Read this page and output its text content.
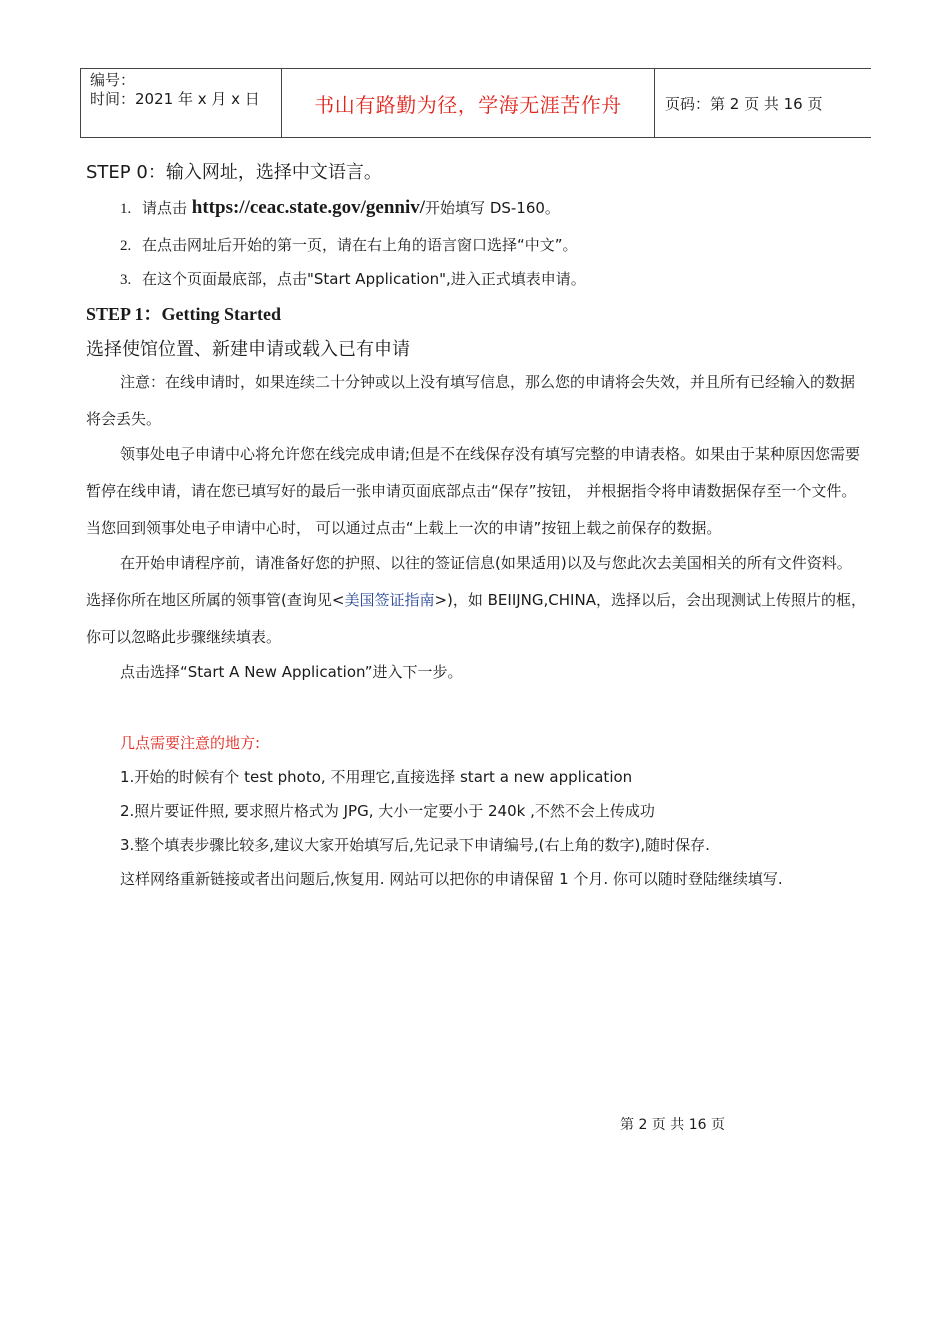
编号：
时间：2021 年 x 月 x 日	书山有路勤为径，学海无涯苦作舟	页码：第 2 页 共 16 页
STEP 0：输入网址，选择中文语言。
1. 请点击 https://ceac.state.gov/genniv/开始填写 DS-160。
2. 在点击网址后开始的第一页，请在右上角的语言窗口选择“中文”。
3. 在这个页面最底部，点击"Start Application",进入正式填表申请。
STEP 1：Getting Started
选择使馆位置、新建申请或载入已有申请
注意：在线申请时，如果连续二十分钟或以上没有填写信息，那么您的申请将会失效，并且所有已经输入的数据将会丢失。
领事处电子申请中心将允许您在线完成申请;但是不在线保存没有填写完整的申请表格。如果由于某种原因您需要暂停在线申请，请在您已填写好的最后一张申请页面底部点击“保存”按钮， 并根据指令将申请数据保存至一个文件。当您回到领事处电子申请中心时， 可以通过点击“上载上一次的申请”按钮上载之前保存的数据。
在开始申请程序前，请准备好您的护照、以往的签证信息(如果适用)以及与您此次去美国相关的所有文件资料。选择你所在地区所属的领事管(查询见<美国签证指南>)，如 BEIIJNG,CHINA，选择以后，会出现测试上传照片的框，你可以忽略此步骤继续填表。
点击选择“Start A New Application”进入下一步。
几点需要注意的地方:
1.开始的时候有个 test photo, 不用理它,直接选择 start a new application
2.照片要证件照, 要求照片格式为 JPG, 大小一定要小于 240k ,不然不会上传成功
3.整个填表步骤比较多,建议大家开始填写后,先记录下申请编号,(右上角的数字),随时保存.
这样网络重新链接或者出问题后,恢复用. 网站可以把你的申请保留 1 个月. 你可以随时登陆继续填写.
第 2 页 共 16 页
